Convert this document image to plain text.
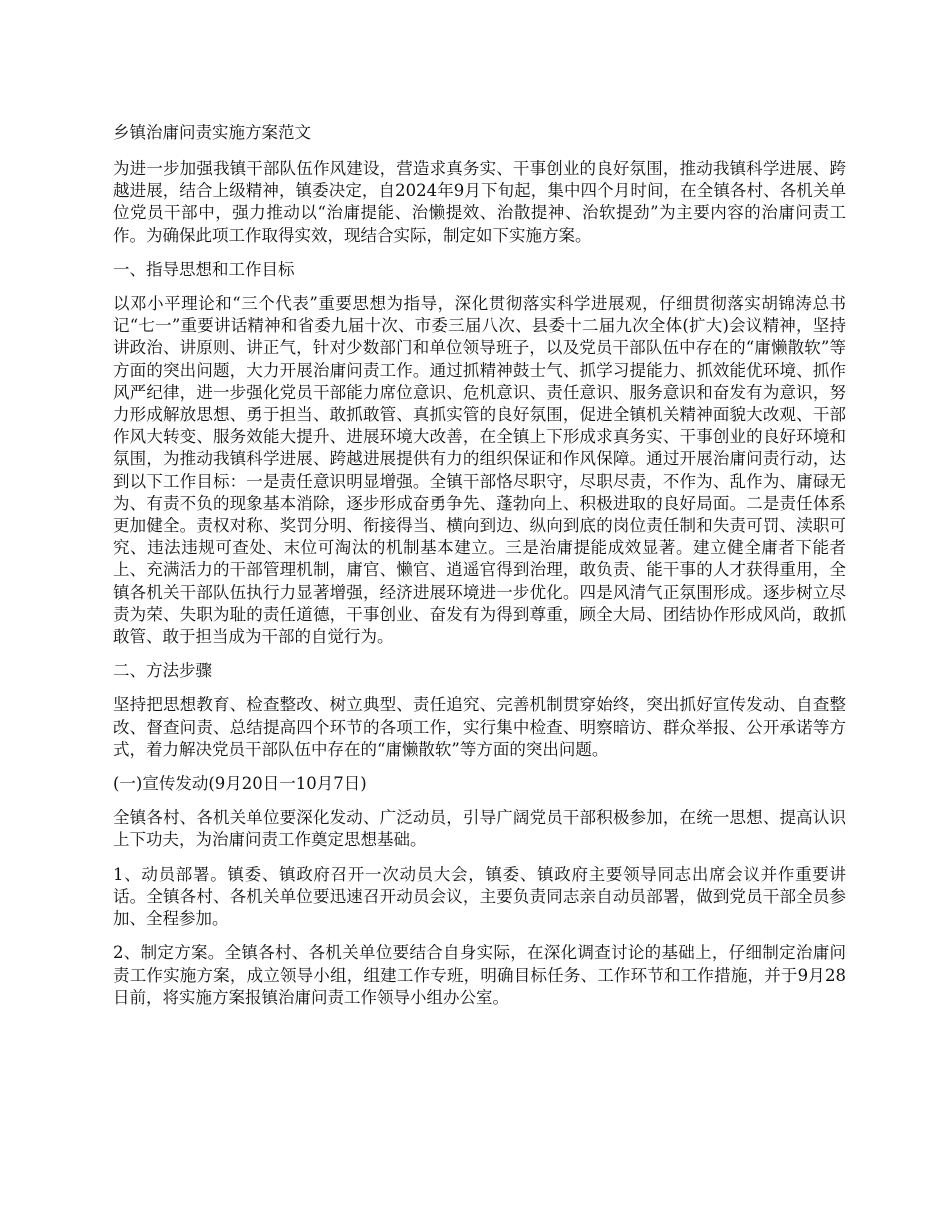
乡镇治庸问责实施方案范文

为进一步加强我镇干部队伍作风建设，营造求真务实、干事创业的良好氛围，推动我镇科学进展、跨越进展，结合上级精神，镇委决定，自2024年9月下旬起，集中四个月时间，在全镇各村、各机关单位党员干部中，强力推动以“治庸提能、治懒提效、治散提神、治软提劲”为主要内容的治庸问责工作。为确保此项工作取得实效，现结合实际，制定如下实施方案。

一、指导思想和工作目标

以邓小平理论和“三个代表”重要思想为指导，深化贯彻落实科学进展观，仔细贯彻落实胡锦涛总书记“七一”重要讲话精神和省委九届十次、市委三届八次、县委十二届九次全体(扩大)会议精神，坚持讲政治、讲原则、讲正气，针对少数部门和单位领导班子，以及党员干部队伍中存在的“庸懒散软”等方面的突出问题，大力开展治庸问责工作。通过抓精神鼓士气、抓学习提能力、抓效能优环境、抓作风严纪律，进一步强化党员干部能力席位意识、危机意识、责任意识、服务意识和奋发有为意识，努力形成解放思想、勇于担当、敢抓敢管、真抓实管的良好氛围，促进全镇机关精神面貌大改观、干部作风大转变、服务效能大提升、进展环境大改善，在全镇上下形成求真务实、干事创业的良好环境和氛围，为推动我镇科学进展、跨越进展提供有力的组织保证和作风保障。通过开展治庸问责行动，达到以下工作目标：一是责任意识明显增强。全镇干部恪尽职守，尽职尽责，不作为、乱作为、庸碌无为、有责不负的现象基本消除，逐步形成奋勇争先、蓬勃向上、积极进取的良好局面。二是责任体系更加健全。责权对称、奖罚分明、衔接得当、横向到边、纵向到底的岗位责任制和失责可罚、渎职可究、违法违规可查处、末位可淘汰的机制基本建立。三是治庸提能成效显著。建立健全庸者下能者上、充满活力的干部管理机制，庸官、懒官、逍遥官得到治理，敢负责、能干事的人才获得重用，全镇各机关干部队伍执行力显著增强，经济进展环境进一步优化。四是风清气正氛围形成。逐步树立尽责为荣、失职为耻的责任道德，干事创业、奋发有为得到尊重，顾全大局、团结协作形成风尚，敢抓敢管、敢于担当成为干部的自觉行为。

二、方法步骤

坚持把思想教育、检查整改、树立典型、责任追究、完善机制贯穿始终，突出抓好宣传发动、自查整改、督查问责、总结提高四个环节的各项工作，实行集中检查、明察暗访、群众举报、公开承诺等方式，着力解决党员干部队伍中存在的“庸懒散软”等方面的突出问题。

(一)宣传发动(9月20日一10月7日)

全镇各村、各机关单位要深化发动、广泛动员，引导广阔党员干部积极参加，在统一思想、提高认识上下功夫，为治庸问责工作奠定思想基础。

1、动员部署。镇委、镇政府召开一次动员大会，镇委、镇政府主要领导同志出席会议并作重要讲话。全镇各村、各机关单位要迅速召开动员会议，主要负责同志亲自动员部署，做到党员干部全员参加、全程参加。

2、制定方案。全镇各村、各机关单位要结合自身实际，在深化调查讨论的基础上，仔细制定治庸问责工作实施方案，成立领导小组，组建工作专班，明确目标任务、工作环节和工作措施，并于9月28日前，将实施方案报镇治庸问责工作领导小组办公室。
